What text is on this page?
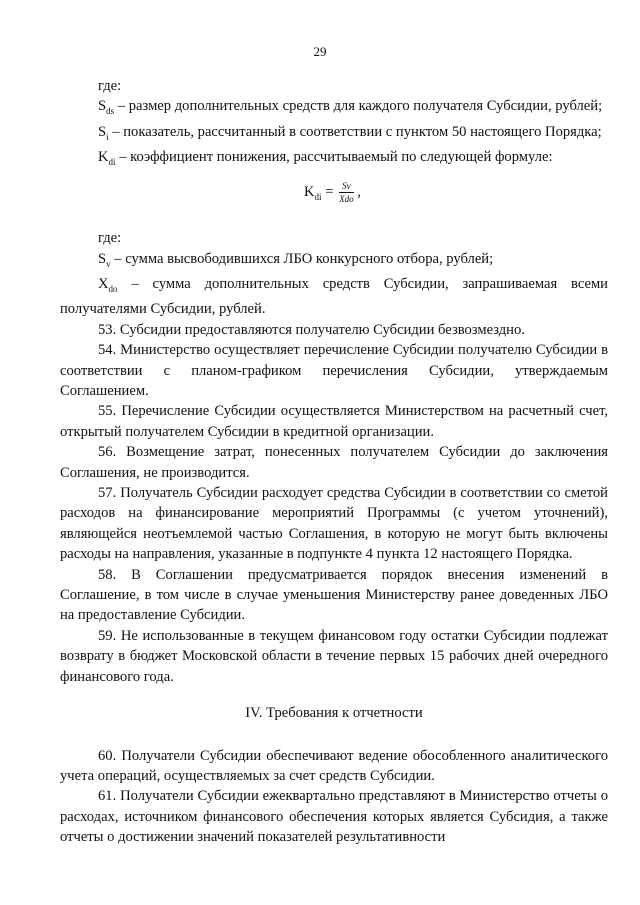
29

где:

$S_{ds}$ – размер дополнительных средств для каждого получателя Субсидии, рублей;

$S_i$ – показатель, рассчитанный в соответствии с пунктом 50 настоящего Порядка;

$K_{di}$ – коэффициент понижения, рассчитываемый по следующей формуле:

$K_{di} = \frac{Sv}{\text{Xdo}}$ ,

где:

$S_v$ – сумма высвободившихся ЛБО конкурсного отбора, рублей;

$X_{do}$ – сумма дополнительных средств Субсидии, запрашиваемая всеми получателями Субсидии, рублей.

53. Субсидии предоставляются получателю Субсидии безвозмездно.

54. Министерство осуществляет перечисление Субсидии получателю Субсидии в соответствии с планом-графиком перечисления Субсидии, утверждаемым Соглашением.

55. Перечисление Субсидии осуществляется Министерством на расчетный счет, открытый получателем Субсидии в кредитной организации.

56. Возмещение затрат, понесенных получателем Субсидии до заключения Соглашения, не производится.

57. Получатель Субсидии расходует средства Субсидии в соответствии со сметой расходов на финансирование мероприятий Программы (с учетом уточнений), являющейся неотъемлемой частью Соглашения, в которую не могут быть включены расходы на направления, указанные в подпункте 4 пункта 12 настоящего Порядка.

58. В Соглашении предусматривается порядок внесения изменений в Соглашение, в том числе в случае уменьшения Министерству ранее доведенных ЛБО на предоставление Субсидии.

59. Не использованные в текущем финансовом году остатки Субсидии подлежат возврату в бюджет Московской области в течение первых 15 рабочих дней очередного финансового года.

IV. Требования к отчетности

60. Получатели Субсидии обеспечивают ведение обособленного аналитического учета операций, осуществляемых за счет средств Субсидии.

61. Получатели Субсидии ежеквартально представляют в Министерство отчеты о расходах, источником финансового обеспечения которых является Субсидия, а также отчеты о достижении значений показателей результативности
